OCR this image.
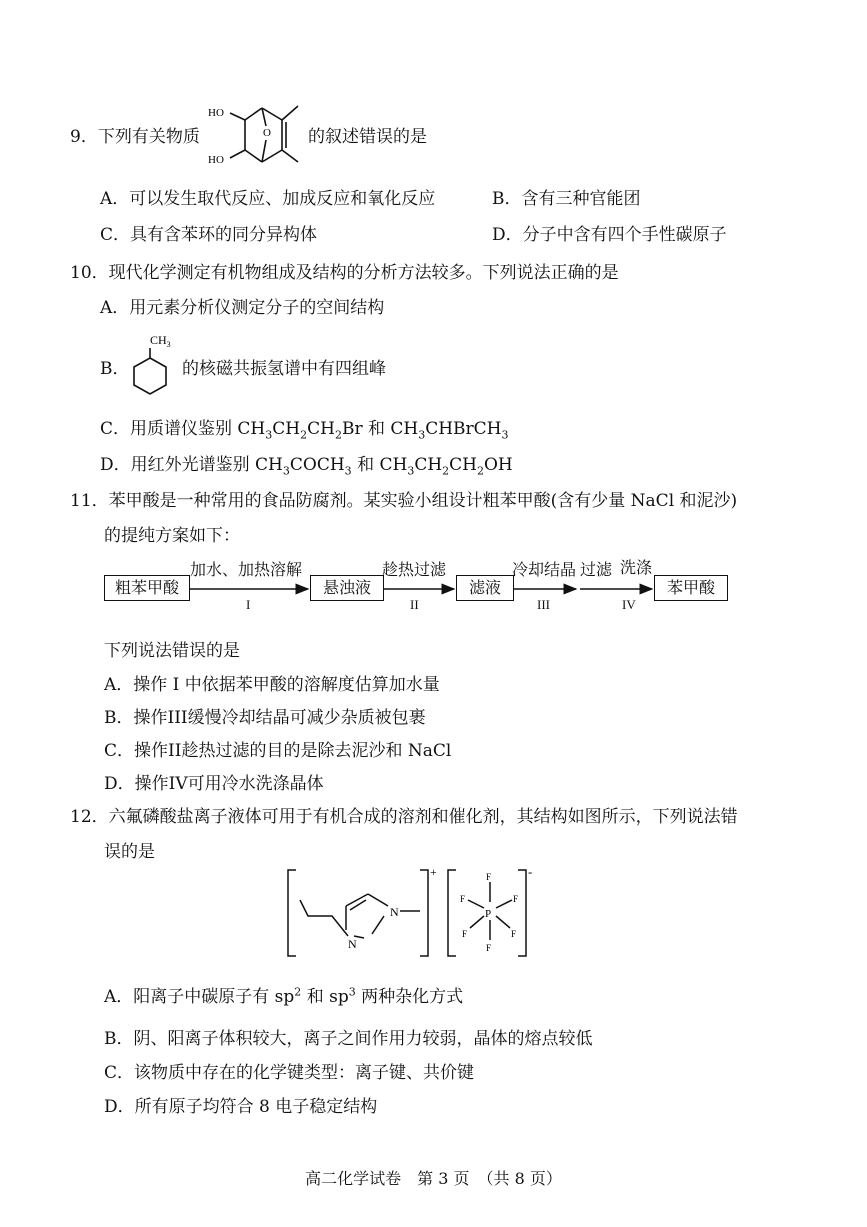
9．下列有关物质
HO
HO
O 的叙述错误的是
A．可以发生取代反应、加成反应和氧化反应	B．含有三种官能团
C．具有含苯环的同分异构体	D．分子中含有四个手性碳原子
10．现代化学测定有机物组成及结构的分析方法较多。下列说法正确的是
A．用元素分析仪测定分子的空间结构
B．
$CH_3$
的核磁共振氢谱中有四组峰
C．用质谱仪鉴别 $CH_3CH_2CH_2Br$ 和 $CH_3CHBrCH_3$
D．用红外光谱鉴别 $CH_3COCH_3$ 和 $CH_3CH_2CH_2OH$
11．苯甲酸是一种常用的食品防腐剂。某实验小组设计粗苯甲酸(含有少量 NaCl 和泥沙)
的提纯方案如下：
粗苯甲酸
加水、加热溶解
I
悬浊液
趁热过滤
II
滤液
冷却结晶
III
过滤 洗涤
IV
苯甲酸
下列说法错误的是
A．操作 I 中依据苯甲酸的溶解度估算加水量
B．操作III缓慢冷却结晶可减少杂质被包裹
C．操作II趁热过滤的目的是除去泥沙和 NaCl
D．操作IV可用冷水洗涤晶体
12．六氟磷酸盐离子液体可用于有机合成的溶剂和催化剂，其结构如图所示，下列说法错
误的是
N
N
+	-
P
F
F
F	F
F	F
A．阳离子中碳原子有 $sp^2$ 和 $sp^3$ 两种杂化方式
B．阴、阳离子体积较大，离子之间作用力较弱，晶体的熔点较低
C．该物质中存在的化学键类型：离子键、共价键
D．所有原子均符合 8 电子稳定结构
高二化学试卷　第 3 页　（共 8 页）
